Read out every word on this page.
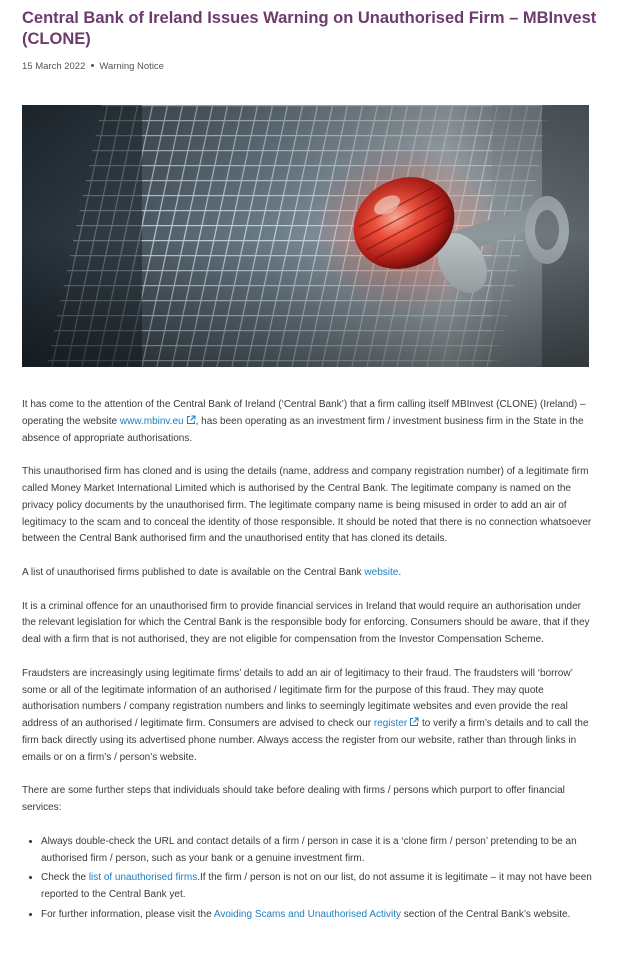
Central Bank of Ireland Issues Warning on Unauthorised Firm – MBInvest (CLONE)
15 March 2022 Warning Notice

It has come to the attention of the Central Bank of Ireland (‘Central Bank’) that a firm calling itself MBInvest (CLONE) (Ireland) – operating the website www.mbinv.eu , has been operating as an investment firm / investment business firm in the State in the absence of appropriate authorisations.

This unauthorised firm has cloned and is using the details (name, address and company registration number) of a legitimate firm called Money Market International Limited which is authorised by the Central Bank. The legitimate company is named on the privacy policy documents by the unauthorised firm. The legitimate company name is being misused in order to add an air of legitimacy to the scam and to conceal the identity of those responsible. It should be noted that there is no connection whatsoever between the Central Bank authorised firm and the unauthorised entity that has cloned its details.

A list of unauthorised firms published to date is available on the Central Bank website.

It is a criminal offence for an unauthorised firm to provide financial services in Ireland that would require an authorisation under the relevant legislation for which the Central Bank is the responsible body for enforcing. Consumers should be aware, that if they deal with a firm that is not authorised, they are not eligible for compensation from the Investor Compensation Scheme.

Fraudsters are increasingly using legitimate firms’ details to add an air of legitimacy to their fraud. The fraudsters will ‘borrow’ some or all of the legitimate information of an authorised / legitimate firm for the purpose of this fraud. They may quote authorisation numbers / company registration numbers and links to seemingly legitimate websites and even provide the real address of an authorised / legitimate firm. Consumers are advised to check our register to verify a firm’s details and to call the firm back directly using its advertised phone number. Always access the register from our website, rather than through links in emails or on a firm’s / person’s website.

There are some further steps that individuals should take before dealing with firms / persons which purport to offer financial services:

• Always double-check the URL and contact details of a firm / person in case it is a ‘clone firm / person’ pretending to be an authorised firm / person, such as your bank or a genuine investment firm.
• Check the list of unauthorised firms.If the firm / person is not on our list, do not assume it is legitimate – it may not have been reported to the Central Bank yet.
• For further information, please visit the Avoiding Scams and Unauthorised Activity section of the Central Bank’s website.
